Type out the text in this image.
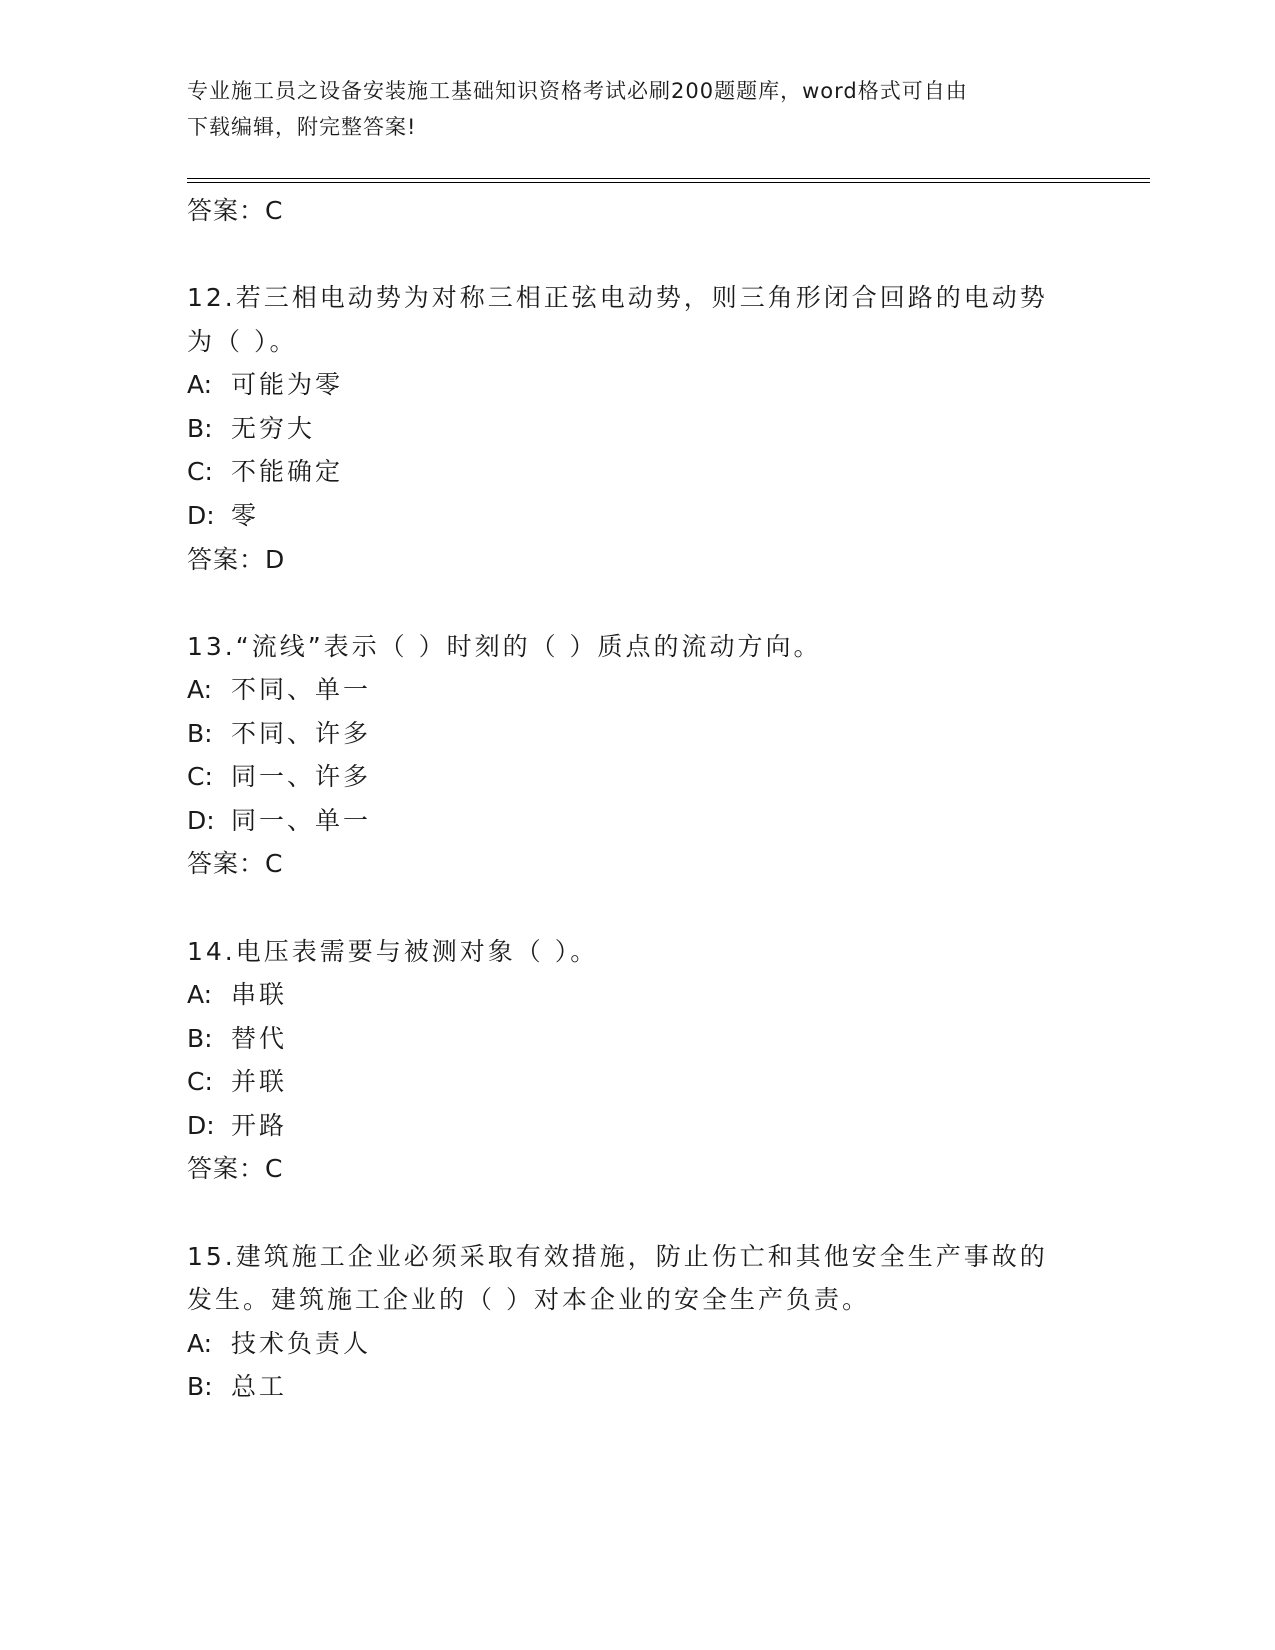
专业施工员之设备安装施工基础知识资格考试必刷200题题库，word格式可自由
下载编辑，附完整答案!
答案：C
12.若三相电动势为对称三相正弦电动势，则三角形闭合回路的电动势
为（ ）。
A: 可能为零
B: 无穷大
C: 不能确定
D: 零
答案：D
13.“流线”表示（ ）时刻的（ ）质点的流动方向。
A: 不同、单一
B: 不同、许多
C: 同一、许多
D: 同一、单一
答案：C
14.电压表需要与被测对象（ ）。
A: 串联
B: 替代
C: 并联
D: 开路
答案：C
15.建筑施工企业必须采取有效措施，防止伤亡和其他安全生产事故的
发生。建筑施工企业的（ ）对本企业的安全生产负责。
A: 技术负责人
B: 总工
